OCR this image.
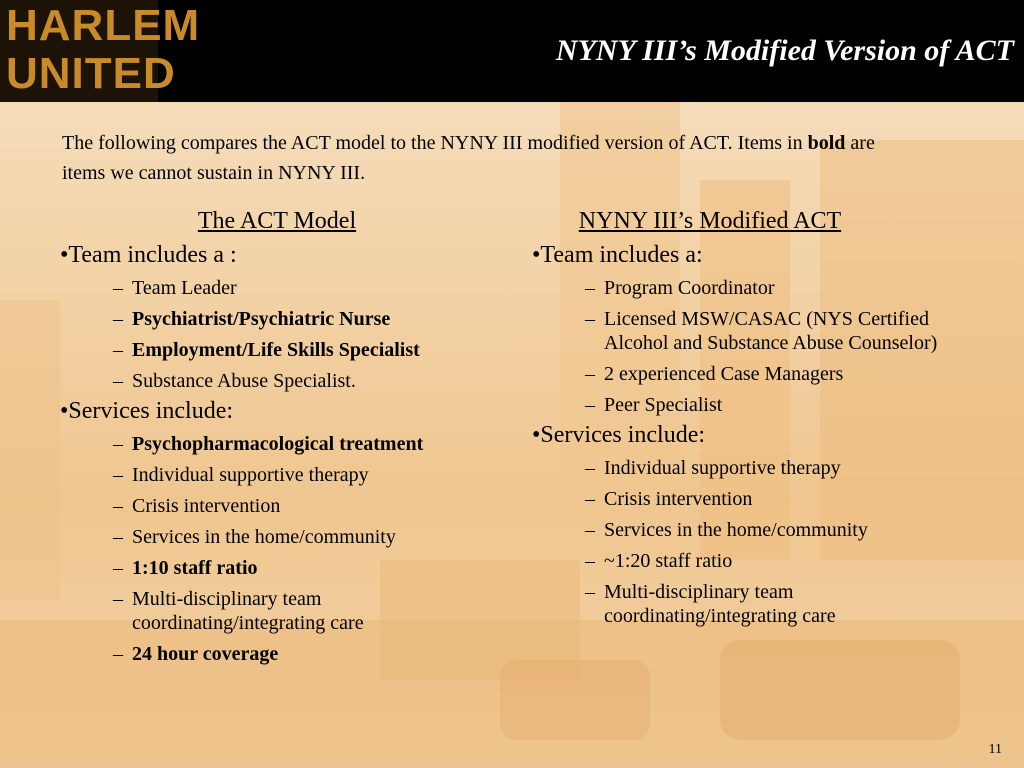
HARLEM
UNITED	NYNY III’s Modified Version of ACT
The following compares the ACT model to the NYNY III modified version of ACT. Items in bold are items we cannot sustain in NYNY III.
The ACT Model
•Team includes a :
– Team Leader
– Psychiatrist/Psychiatric Nurse
– Employment/Life Skills Specialist
– Substance Abuse Specialist.
•Services include:
– Psychopharmacological treatment
– Individual supportive therapy
– Crisis intervention
– Services in the home/community
– 1:10 staff ratio
– Multi-disciplinary team coordinating/integrating care
– 24 hour coverage
NYNY III’s Modified ACT
•Team includes a:
– Program Coordinator
– Licensed MSW/CASAC (NYS Certified Alcohol and Substance Abuse Counselor)
– 2 experienced Case Managers
– Peer Specialist
•Services include:
– Individual supportive therapy
– Crisis intervention
– Services in the home/community
– ~1:20 staff ratio
– Multi-disciplinary team coordinating/integrating care
11
